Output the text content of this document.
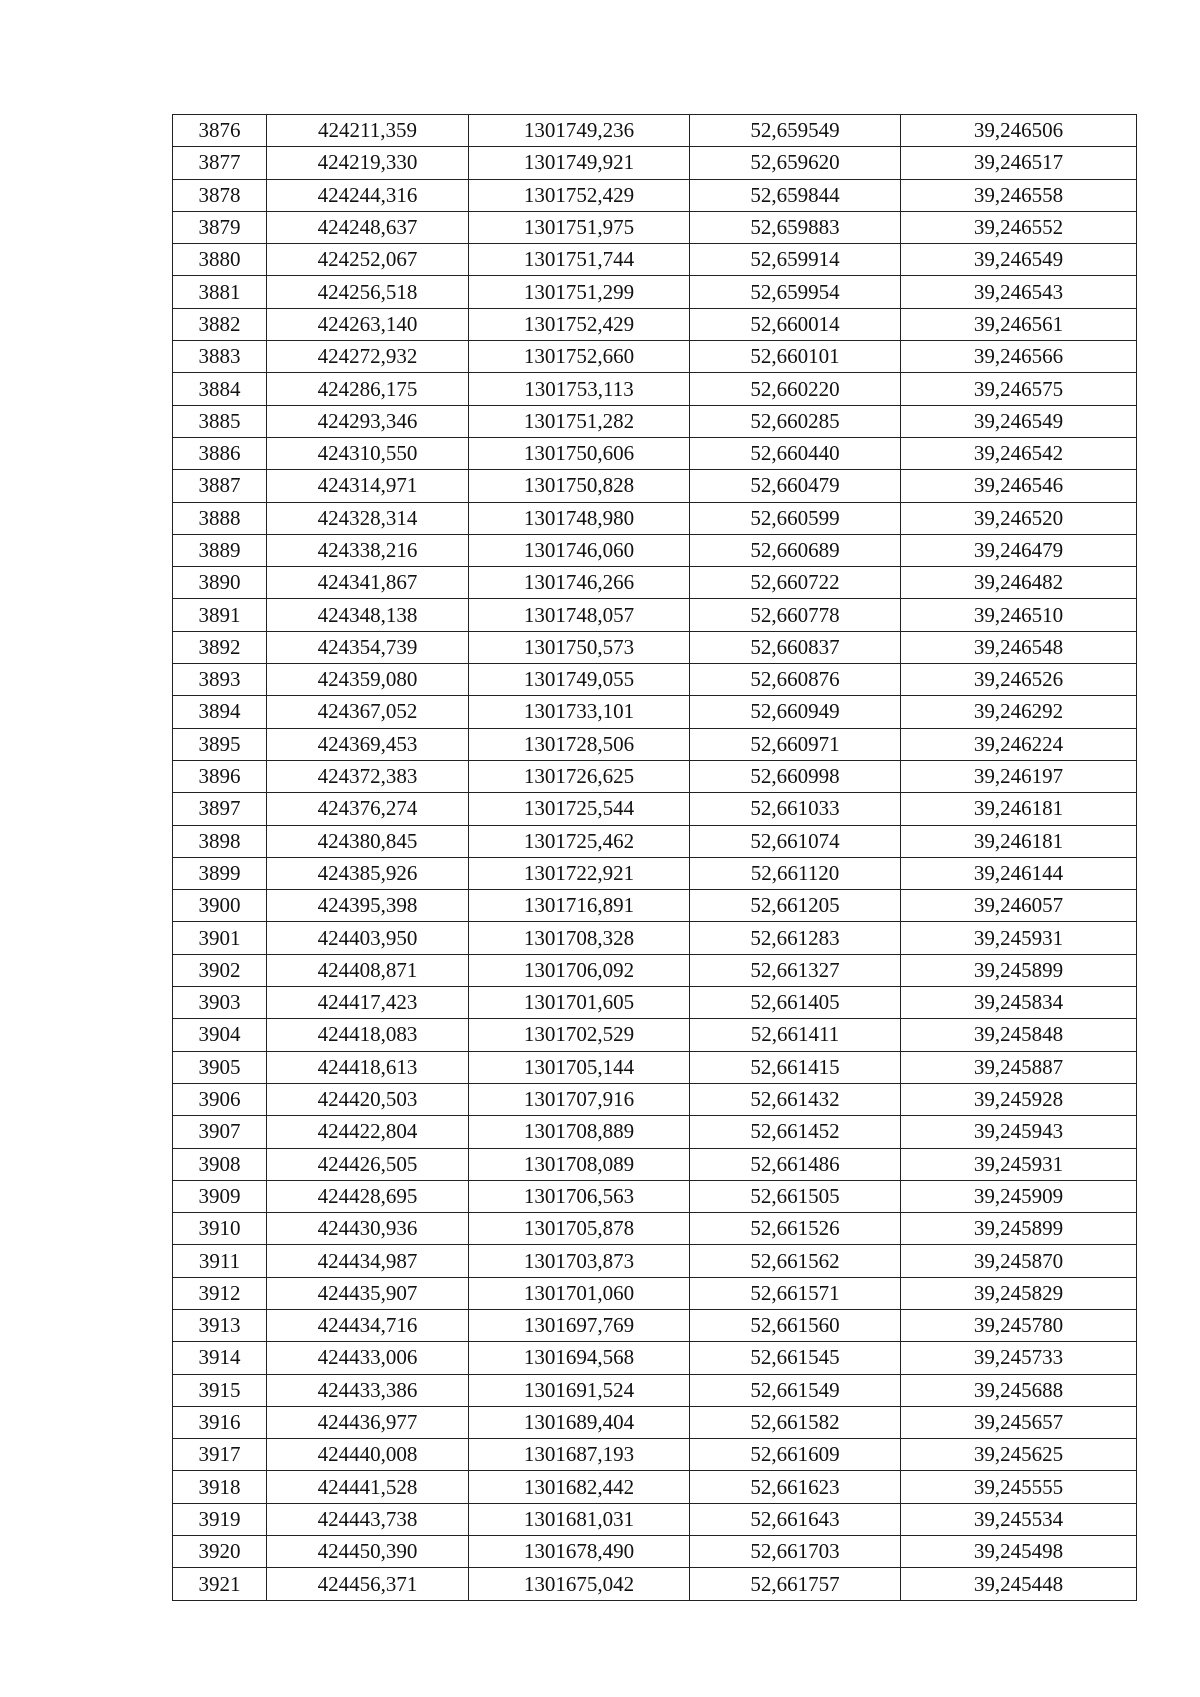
3876	424211,359	1301749,236	52,659549	39,246506
3877	424219,330	1301749,921	52,659620	39,246517
3878	424244,316	1301752,429	52,659844	39,246558
3879	424248,637	1301751,975	52,659883	39,246552
3880	424252,067	1301751,744	52,659914	39,246549
3881	424256,518	1301751,299	52,659954	39,246543
3882	424263,140	1301752,429	52,660014	39,246561
3883	424272,932	1301752,660	52,660101	39,246566
3884	424286,175	1301753,113	52,660220	39,246575
3885	424293,346	1301751,282	52,660285	39,246549
3886	424310,550	1301750,606	52,660440	39,246542
3887	424314,971	1301750,828	52,660479	39,246546
3888	424328,314	1301748,980	52,660599	39,246520
3889	424338,216	1301746,060	52,660689	39,246479
3890	424341,867	1301746,266	52,660722	39,246482
3891	424348,138	1301748,057	52,660778	39,246510
3892	424354,739	1301750,573	52,660837	39,246548
3893	424359,080	1301749,055	52,660876	39,246526
3894	424367,052	1301733,101	52,660949	39,246292
3895	424369,453	1301728,506	52,660971	39,246224
3896	424372,383	1301726,625	52,660998	39,246197
3897	424376,274	1301725,544	52,661033	39,246181
3898	424380,845	1301725,462	52,661074	39,246181
3899	424385,926	1301722,921	52,661120	39,246144
3900	424395,398	1301716,891	52,661205	39,246057
3901	424403,950	1301708,328	52,661283	39,245931
3902	424408,871	1301706,092	52,661327	39,245899
3903	424417,423	1301701,605	52,661405	39,245834
3904	424418,083	1301702,529	52,661411	39,245848
3905	424418,613	1301705,144	52,661415	39,245887
3906	424420,503	1301707,916	52,661432	39,245928
3907	424422,804	1301708,889	52,661452	39,245943
3908	424426,505	1301708,089	52,661486	39,245931
3909	424428,695	1301706,563	52,661505	39,245909
3910	424430,936	1301705,878	52,661526	39,245899
3911	424434,987	1301703,873	52,661562	39,245870
3912	424435,907	1301701,060	52,661571	39,245829
3913	424434,716	1301697,769	52,661560	39,245780
3914	424433,006	1301694,568	52,661545	39,245733
3915	424433,386	1301691,524	52,661549	39,245688
3916	424436,977	1301689,404	52,661582	39,245657
3917	424440,008	1301687,193	52,661609	39,245625
3918	424441,528	1301682,442	52,661623	39,245555
3919	424443,738	1301681,031	52,661643	39,245534
3920	424450,390	1301678,490	52,661703	39,245498
3921	424456,371	1301675,042	52,661757	39,245448
